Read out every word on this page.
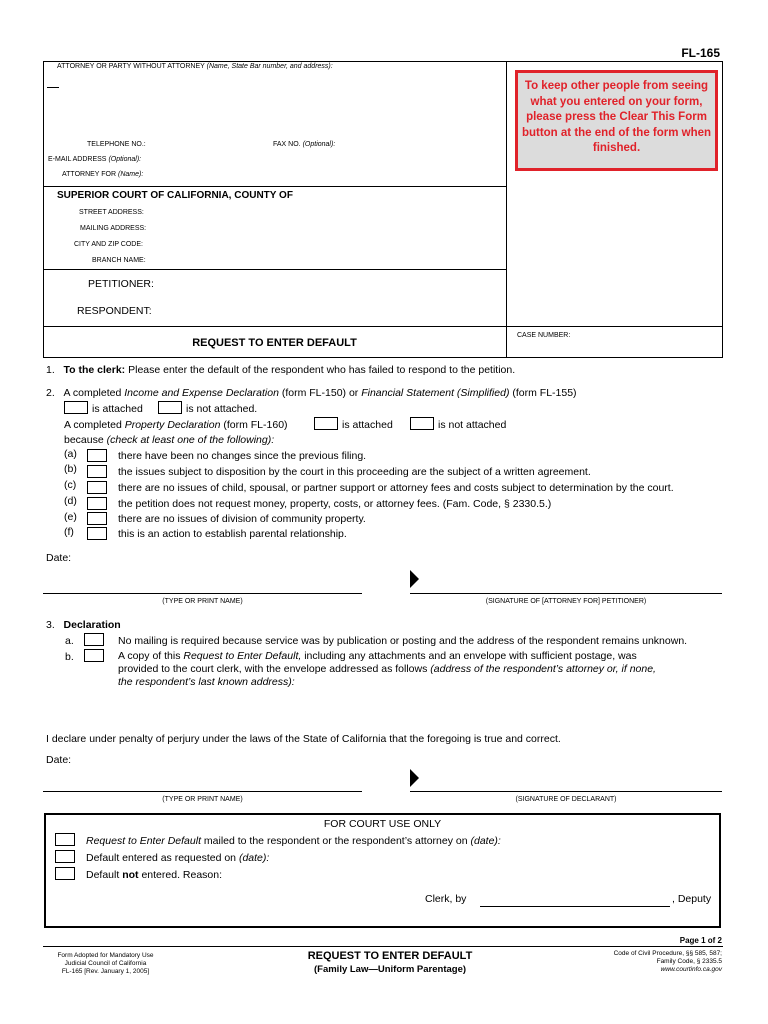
FL-165
ATTORNEY OR PARTY WITHOUT ATTORNEY (Name, State Bar number, and address):
TELEPHONE NO.:	FAX NO. (Optional):
E-MAIL ADDRESS (Optional):
ATTORNEY FOR (Name):
SUPERIOR COURT OF CALIFORNIA, COUNTY OF
STREET ADDRESS:
MAILING ADDRESS:
CITY AND ZIP CODE:
BRANCH NAME:
PETITIONER:
RESPONDENT:
REQUEST TO ENTER DEFAULT
CASE NUMBER:
To keep other people from seeing what you entered on your form, please press the Clear This Form button at the end of the form when finished.
1. To the clerk: Please enter the default of the respondent who has failed to respond to the petition.
2. A completed Income and Expense Declaration (form FL-150) or Financial Statement (Simplified) (form FL-155)
is attached	is not attached.
A completed Property Declaration (form FL-160)	is attached	is not attached
because (check at least one of the following):
(a)	there have been no changes since the previous filing.
(b)	the issues subject to disposition by the court in this proceeding are the subject of a written agreement.
(c)	there are no issues of child, spousal, or partner support or attorney fees and costs subject to determination by the court.
(d)	the petition does not request money, property, costs, or attorney fees. (Fam. Code, § 2330.5.)
(e)	there are no issues of division of community property.
(f)	this is an action to establish parental relationship.
Date:
(TYPE OR PRINT NAME)	(SIGNATURE OF [ATTORNEY FOR] PETITIONER)
3. Declaration
a.	No mailing is required because service was by publication or posting and the address of the respondent remains unknown.
b.	A copy of this Request to Enter Default, including any attachments and an envelope with sufficient postage, was
provided to the court clerk, with the envelope addressed as follows (address of the respondent’s attorney or, if none,
the respondent’s last known address):
I declare under penalty of perjury under the laws of the State of California that the foregoing is true and correct.
Date:
(TYPE OR PRINT NAME)	(SIGNATURE OF DECLARANT)
FOR COURT USE ONLY
Request to Enter Default mailed to the respondent or the respondent’s attorney on (date):
Default entered as requested on (date):
Default not entered. Reason:
Clerk, by	, Deputy
Page 1 of 2
Form Adopted for Mandatory Use
Judicial Council of California
FL-165 [Rev. January 1, 2005]
REQUEST TO ENTER DEFAULT
(Family Law—Uniform Parentage)
Code of Civil Procedure, §§ 585, 587;
Family Code, § 2335.5
www.courtinfo.ca.gov
